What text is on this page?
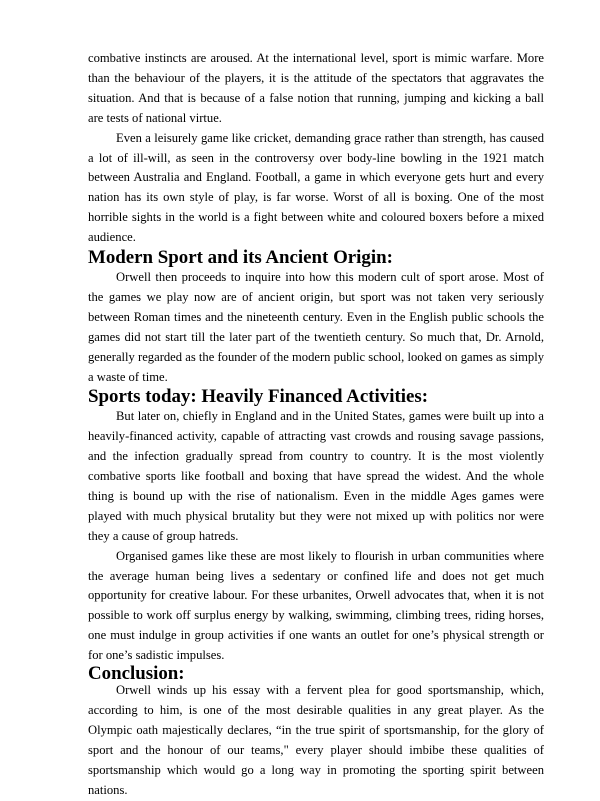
combative instincts are aroused. At the international level, sport is mimic warfare. More than the behaviour of the players, it is the attitude of the spectators that aggravates the situation. And that is because of a false notion that running, jumping and kicking a ball are tests of national virtue.

Even a leisurely game like cricket, demanding grace rather than strength, has caused a lot of ill-will, as seen in the controversy over body-line bowling in the 1921 match between Australia and England. Football, a game in which everyone gets hurt and every nation has its own style of play, is far worse. Worst of all is boxing. One of the most horrible sights in the world is a fight between white and coloured boxers before a mixed audience.

Modern Sport and its Ancient Origin:

Orwell then proceeds to inquire into how this modern cult of sport arose. Most of the games we play now are of ancient origin, but sport was not taken very seriously between Roman times and the nineteenth century. Even in the English public schools the games did not start till the later part of the twentieth century. So much that, Dr. Arnold, generally regarded as the founder of the modern public school, looked on games as simply a waste of time.

Sports today: Heavily Financed Activities:

But later on, chiefly in England and in the United States, games were built up into a heavily-financed activity, capable of attracting vast crowds and rousing savage passions, and the infection gradually spread from country to country. It is the most violently combative sports like football and boxing that have spread the widest. And the whole thing is bound up with the rise of nationalism. Even in the middle Ages games were played with much physical brutality but they were not mixed up with politics nor were they a cause of group hatreds.

Organised games like these are most likely to flourish in urban communities where the average human being lives a sedentary or confined life and does not get much opportunity for creative labour. For these urbanites, Orwell advocates that, when it is not possible to work off surplus energy by walking, swimming, climbing trees, riding horses, one must indulge in group activities if one wants an outlet for one’s physical strength or for one’s sadistic impulses.

Conclusion:

Orwell winds up his essay with a fervent plea for good sportsmanship, which, according to him, is one of the most desirable qualities in any great player. As the Olympic oath majestically declares, “in the true spirit of sportsmanship, for the glory of sport and the honour of our teams," every player should imbibe these qualities of sportsmanship which would go a long way in promoting the sporting spirit between nations.
